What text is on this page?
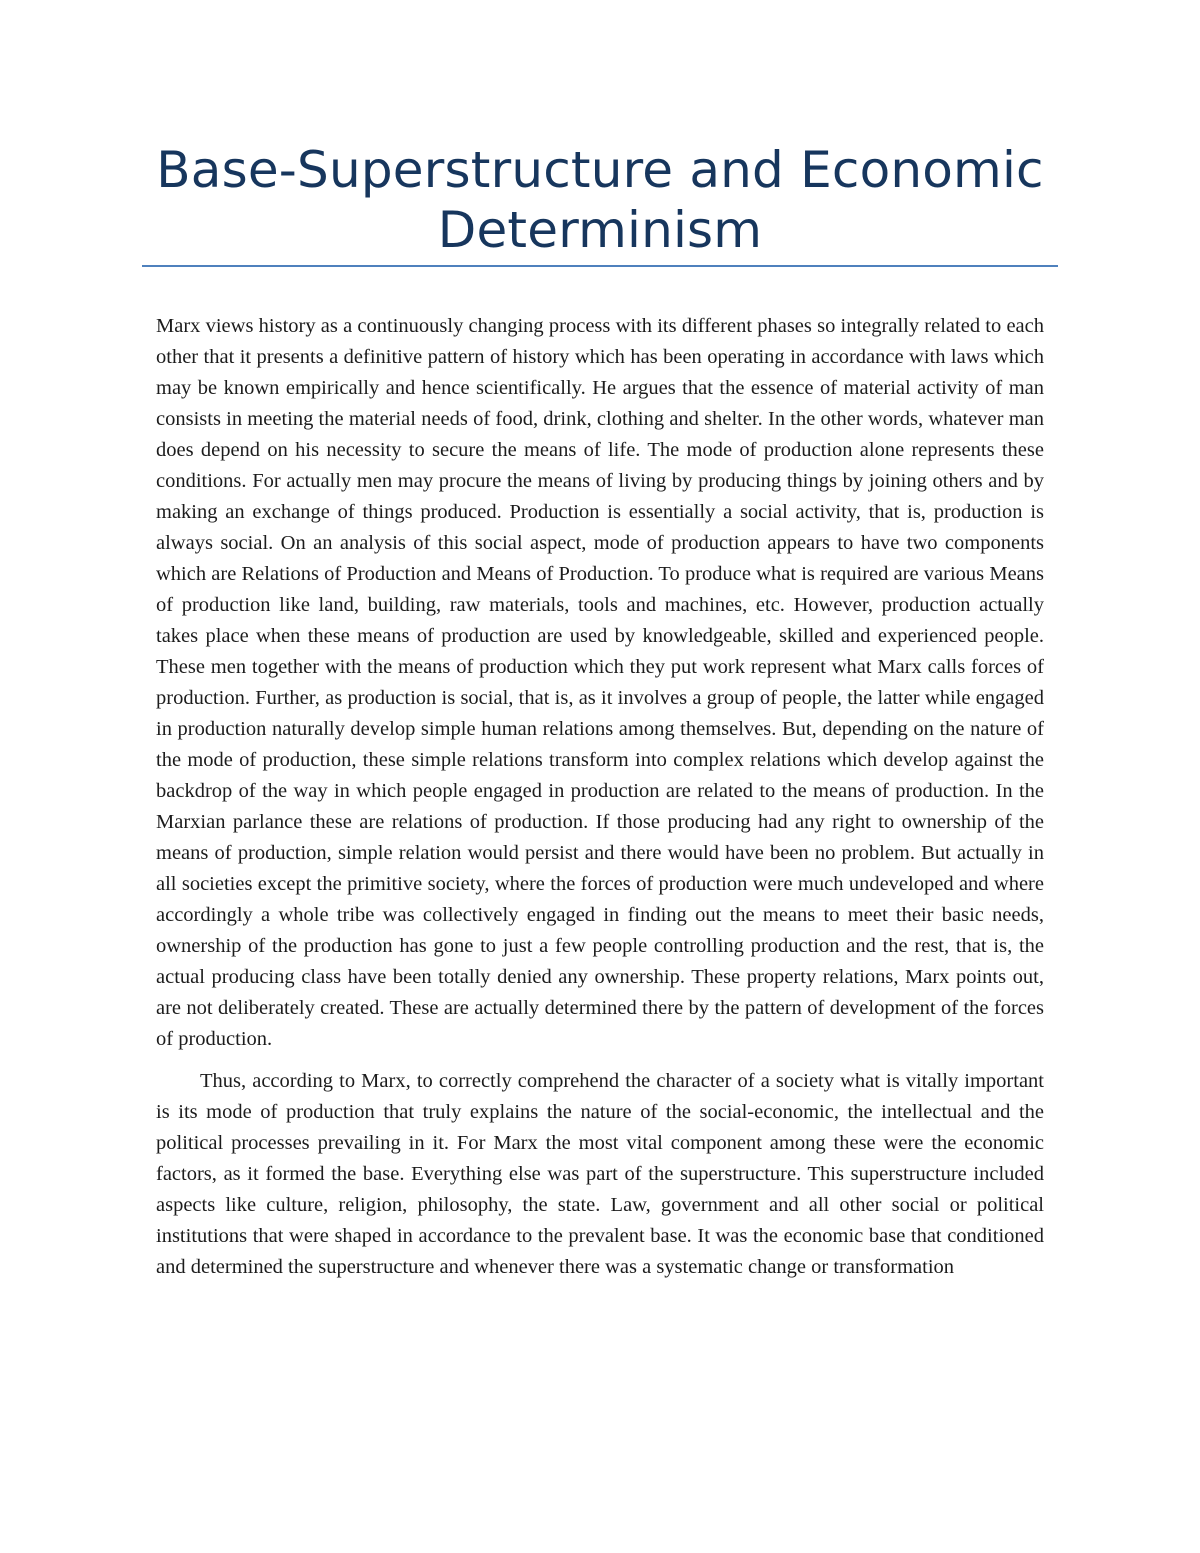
Base-Superstructure and Economic Determinism

Marx views history as a continuously changing process with its different phases so integrally related to each other that it presents a definitive pattern of history which has been operating in accordance with laws which may be known empirically and hence scientifically. He argues that the essence of material activity of man consists in meeting the material needs of food, drink, clothing and shelter. In the other words, whatever man does depend on his necessity to secure the means of life. The mode of production alone represents these conditions. For actually men may procure the means of living by producing things by joining others and by making an exchange of things produced. Production is essentially a social activity, that is, production is always social. On an analysis of this social aspect, mode of production appears to have two components which are Relations of Production and Means of Production. To produce what is required are various Means of production like land, building, raw materials, tools and machines, etc. However, production actually takes place when these means of production are used by knowledgeable, skilled and experienced people. These men together with the means of production which they put work represent what Marx calls forces of production. Further, as production is social, that is, as it involves a group of people, the latter while engaged in production naturally develop simple human relations among themselves. But, depending on the nature of the mode of production, these simple relations transform into complex relations which develop against the backdrop of the way in which people engaged in production are related to the means of production. In the Marxian parlance these are relations of production. If those producing had any right to ownership of the means of production, simple relation would persist and there would have been no problem. But actually in all societies except the primitive society, where the forces of production were much undeveloped and where accordingly a whole tribe was collectively engaged in finding out the means to meet their basic needs, ownership of the production has gone to just a few people controlling production and the rest, that is, the actual producing class have been totally denied any ownership. These property relations, Marx points out, are not deliberately created. These are actually determined there by the pattern of development of the forces of production.

Thus, according to Marx, to correctly comprehend the character of a society what is vitally important is its mode of production that truly explains the nature of the social-economic, the intellectual and the political processes prevailing in it. For Marx the most vital component among these were the economic factors, as it formed the base. Everything else was part of the superstructure. This superstructure included aspects like culture, religion, philosophy, the state. Law, government and all other social or political institutions that were shaped in accordance to the prevalent base. It was the economic base that conditioned and determined the superstructure and whenever there was a systematic change or transformation
